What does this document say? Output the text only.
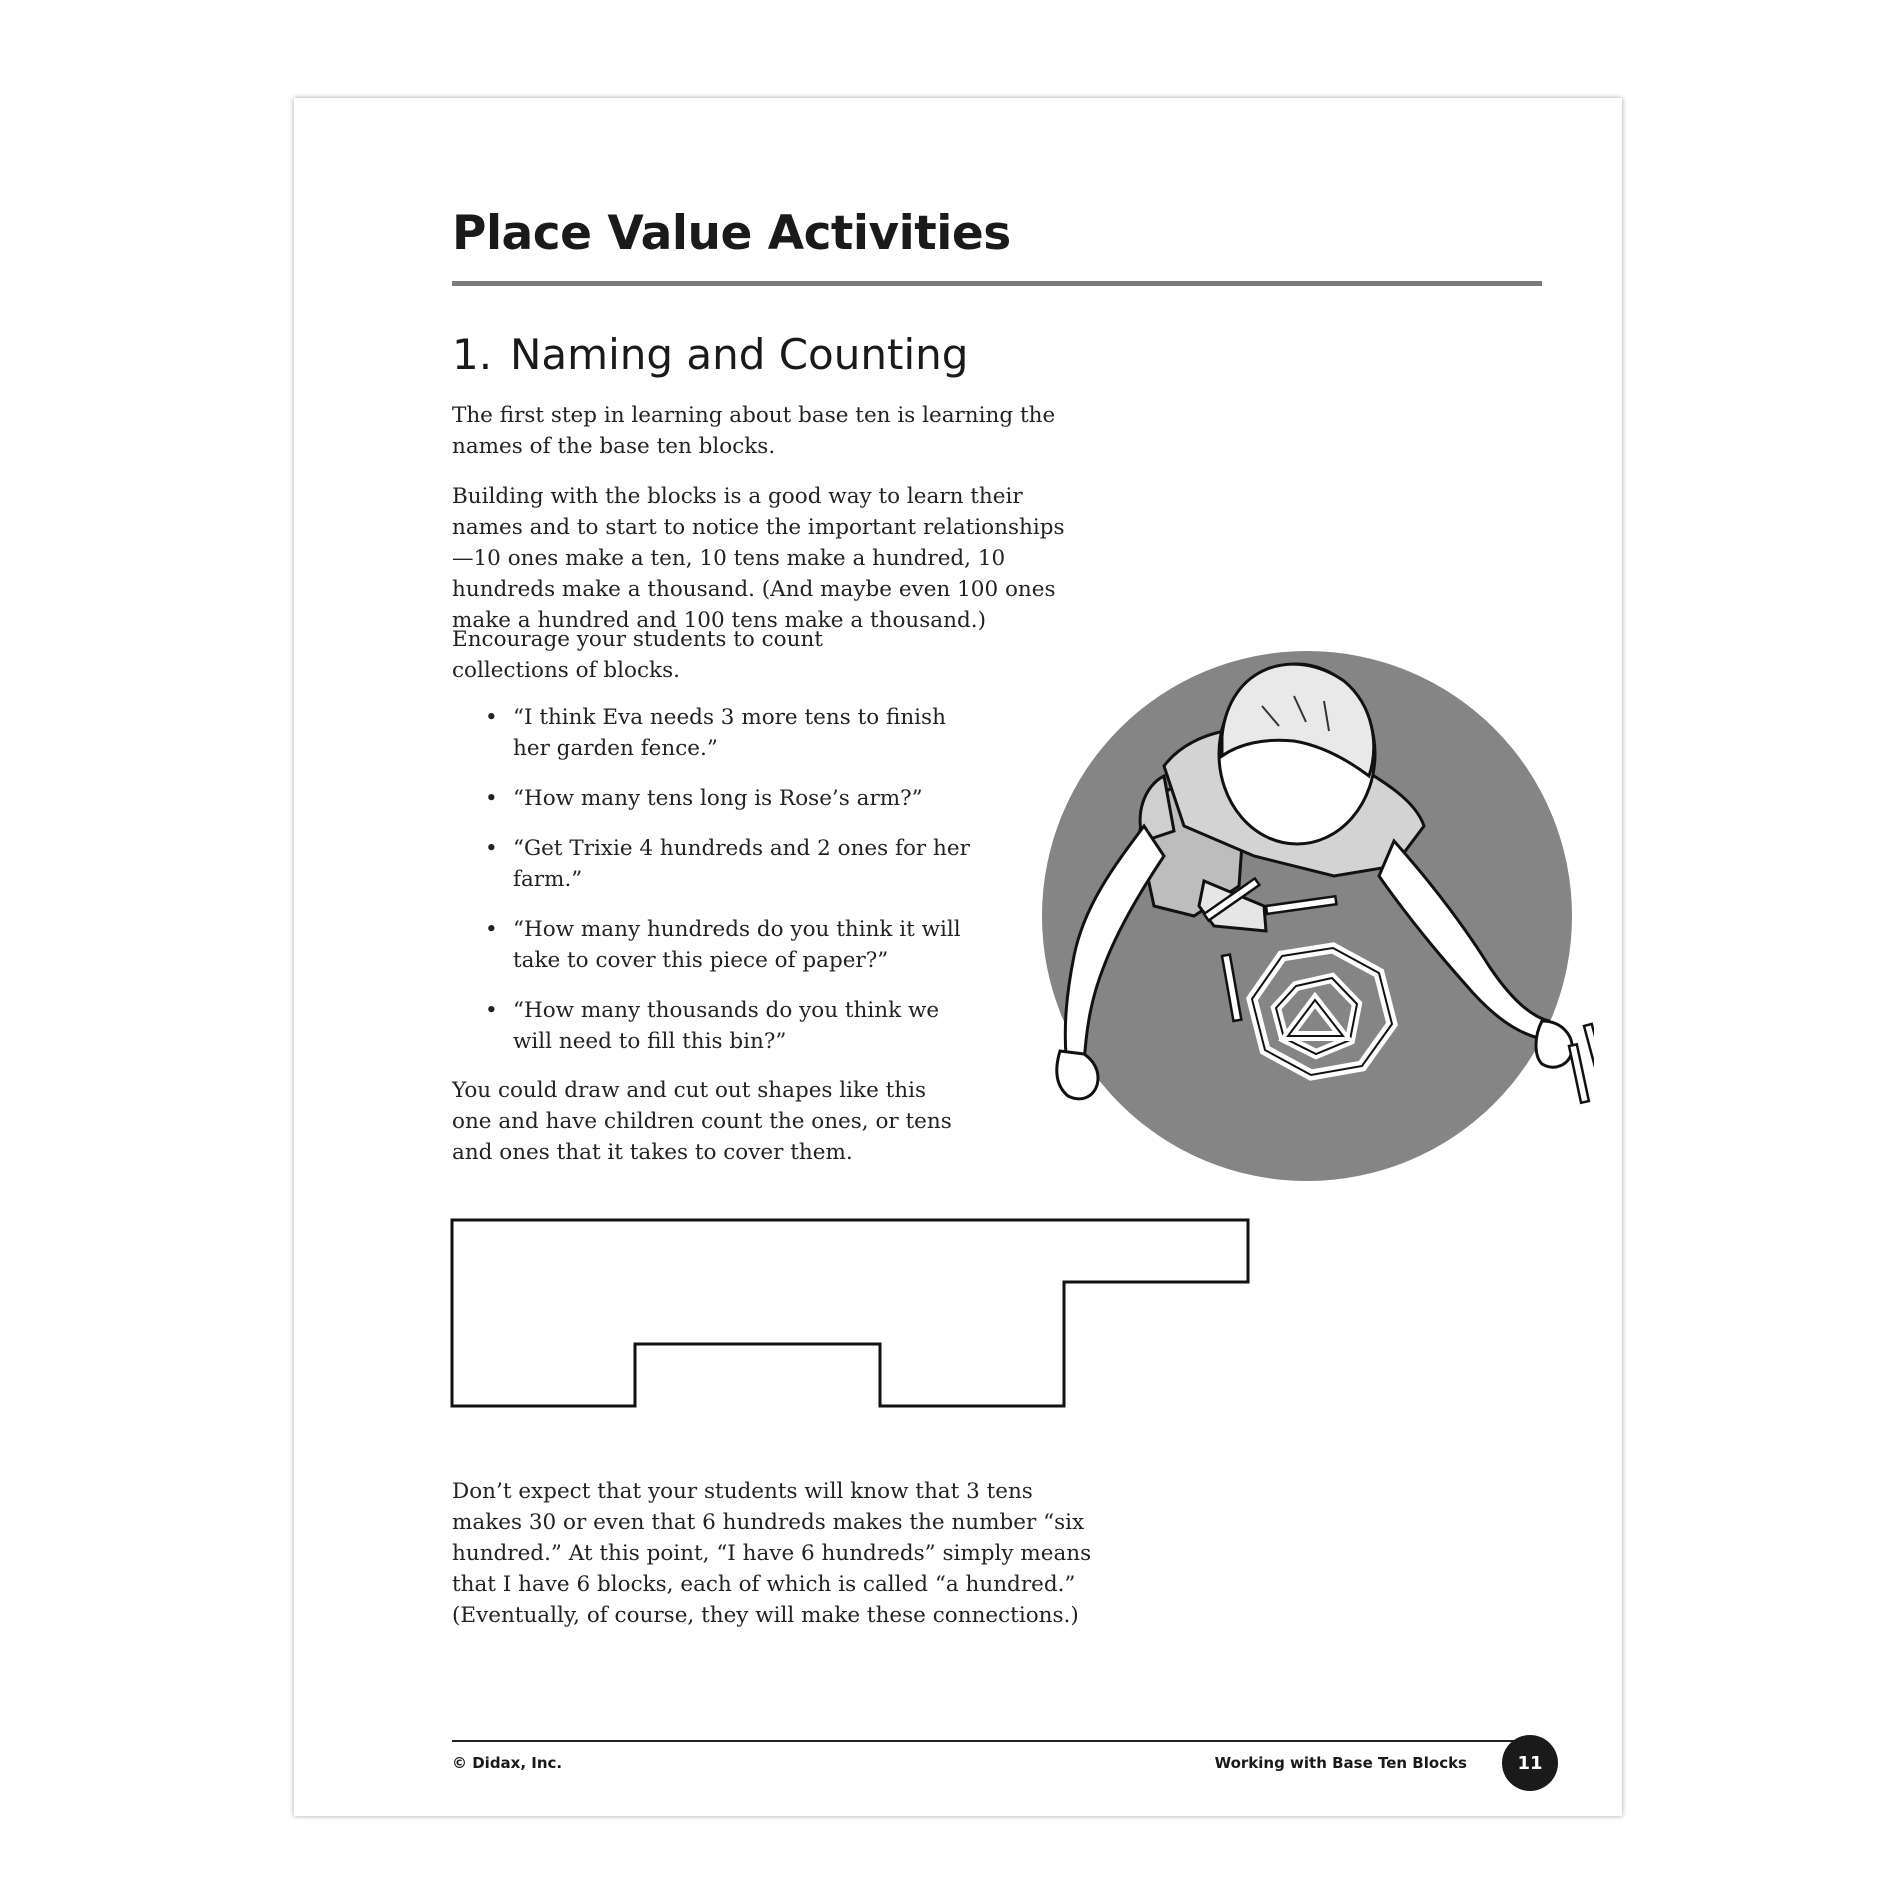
Place Value Activities
1. Naming and Counting

The first step in learning about base ten is learning the names of the base ten blocks.

Building with the blocks is a good way to learn their names and to start to notice the important relationships—10 ones make a ten, 10 tens make a hundred, 10 hundreds make a thousand. (And maybe even 100 ones make a hundred and 100 tens make a thousand.)

Encourage your students to count collections of blocks.

• “I think Eva needs 3 more tens to finish her garden fence.”
• “How many tens long is Rose’s arm?”
• “Get Trixie 4 hundreds and 2 ones for her farm.”
• “How many hundreds do you think it will take to cover this piece of paper?”
• “How many thousands do you think we will need to fill this bin?”

You could draw and cut out shapes like this one and have children count the ones, or tens and ones that it takes to cover them.

Don’t expect that your students will know that 3 tens makes 30 or even that 6 hundreds makes the number “six hundred.” At this point, “I have 6 hundreds” simply means that I have 6 blocks, each of which is called “a hundred.” (Eventually, of course, they will make these connections.)

© Didax, Inc.	Working with Base Ten Blocks	11
